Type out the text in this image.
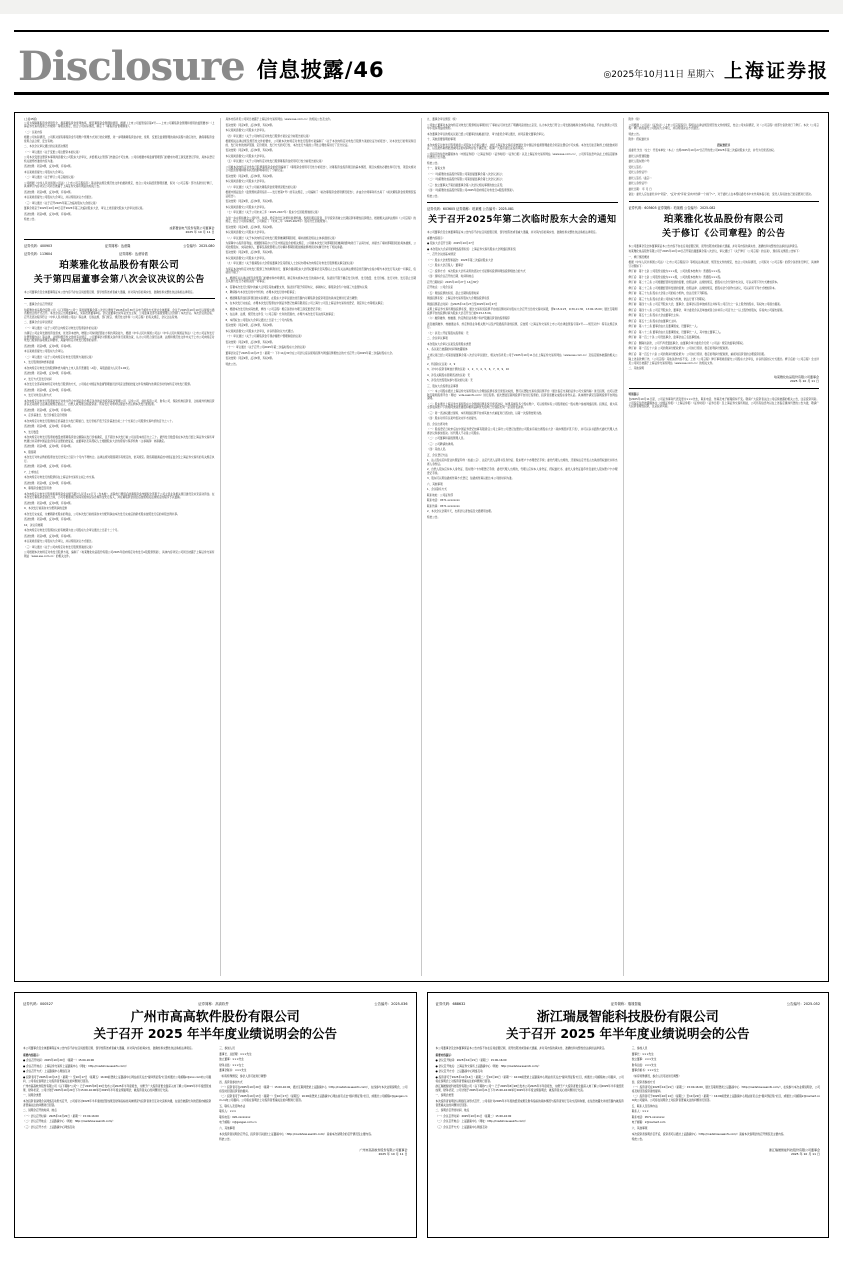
Disclosure 信息披露/46	◎2025年10月11日 星期六 上海证券报
(上接45版)

公司为保障募集资金使用安全，提高募集资金使用效率，规范募集资金管理和使用，根据《上市公司监管指引第2号——上市公司募集资金管理和使用的监管要求》《上海证券交易所股票上市规则》等相关规定，结合公司实际情况，制定了《募集资金管理制度》。

（二）议案内容

根据公司实际情况，公司拟对现有募集资金专项账户管理方式进行优化调整，进一步明确募集资金存放、使用、变更及监督管理的具体流程与责任划分，确保募集资金使用合法合规、安全有效。

二、本次会议审议通过的议案表决情况

（一）审议通过《关于变更公司注册资本的议案》

公司本次变更注册资本事项尚需提交公司股东大会审议，并经相关主管部门核准后方可生效。公司将根据市场监督管理部门的要求办理工商变更登记手续，具体以登记机关最终核准的内容为准。

表决结果：同意9票，反对0票，弃权0票。

本议案尚需提交公司股东大会审议。

（二）审议通过《关于修订公司章程的议案》

公司根据《中华人民共和国公司法》《上市公司章程指引》等法律法规及规范性文件的最新规定，结合公司实际经营管理需要，拟对《公司章程》部分条款进行修订，具体修订内容详见公司同日披露于上海证券交易所网站的相关公告。

表决结果：同意9票，反对0票，弃权0票。

本议案尚需提交公司股东大会审议，并以特别决议方式通过。

（三）审议通过《关于召开2025年第三次临时股东大会的议案》

董事会同意于2025年10月28日召开2025年第三次临时股东大会，审议上述需提交股东大会审议的议案。

表决结果：同意9票，反对0票，弃权0票。

特此公告。

成都置信电气股份有限公司董事会
2025 年 10 月 11 日
证券代码：400903	证券简称：达意隆	公告编号：2025-080
证券代码：113604	证券简称：达意转债
珀莱雅化妆品股份有限公司
关于第四届董事会第八次会议决议的公告
本公司董事会及全体董事保证本公告内容不存在任何虚假记载、误导性陈述或者重大遗漏，并对其内容的真实性、准确性和完整性依法承担法律责任。

一、董事会会议召开情况

珀莱雅化妆品股份有限公司（以下简称"公司"）第四届董事会第八次会议通知于2025年9月30日以电子邮件方式送达全体董事，会议于2025年10月10日以现场与通讯相结合的方式召开。本次会议应出席董事9名，实际出席董事9名。会议由董事长侯军呈先生主持，公司监事及部分高级管理人员列席了本次会议。本次会议的召集、召开及表决程序符合《中华人民共和国公司法》等法律、行政法规、部门规章、规范性文件和《公司章程》的有关规定，会议合法有效。

二、董事会会议审议情况

（一）审议通过《关于公司符合向特定对象发行股票条件的议案》

为满足公司业务发展的资金需求，优化资本结构，增强公司持续经营能力和抗风险能力，根据《中华人民共和国公司法》《中华人民共和国证券法》《上市公司证券发行注册管理办法》等法律、法规和规范性文件的有关规定，公司董事会对照相关条件进行逐项自查，认为公司符合现行法律、法规和规范性文件中关于上市公司向特定对象发行股票的各项规定和要求，具备向特定对象发行股票的条件。

表决结果：同意9票，反对0票，弃权0票。

本议案尚需提交公司股东大会审议。

（二）审议通过《关于公司向特定对象发行股票方案的议案》

1、发行股票的种类和面值

本次向特定对象发行的股票种类为境内上市人民币普通股（A股），每股面值为人民币1.00元。

表决结果：同意9票，反对0票，弃权0票。

2、发行方式及发行时间

本次发行全部采取向特定对象发行股票的方式，公司将在中国证券监督管理委员会同意注册的批复文件有效期内选择适当时机向特定对象发行股票。

表决结果：同意9票，反对0票，弃权0票。

3、发行对象及认购方式

本次向特定对象发行股票的发行对象为符合中国证监会规定条件的证券投资基金管理公司、证券公司、信托投资公司、财务公司、保险机构投资者、合格境外机构投资者以及其他符合法律法规规定的法人、自然人或其他合格投资者。所有发行对象均以现金方式认购本次发行的股票。

表决结果：同意9票，反对0票，弃权0票。

4、定价基准日、发行价格及定价原则

本次向特定对象发行股票的定价基准日为发行期首日，发行价格不低于定价基准日前二十个交易日公司股票交易均价的百分之八十。

表决结果：同意9票，反对0票，弃权0票。

5、发行数量

本次向特定对象发行股票的数量按照募集资金总额除以发行价格确定，且不超过本次发行前公司总股本的百分之三十。最终发行数量将在本次发行经上海证券交易所审核通过并获得中国证监会同意注册的批复后，由董事会及其授权人士根据股东大会的授权与保荐机构（主承销商）协商确定。

表决结果：同意9票，反对0票，弃权0票。

6、限售期

本次发行对象认购的股票自发行结束之日起六个月内不得转让。法律法规对限售期另有规定的，依其规定。限售期届满后按中国证监会及上海证券交易所的有关规定执行。

表决结果：同意9票，反对0票，弃权0票。

7、上市地点

本次向特定对象发行的股票将在上海证券交易所主板上市交易。

表决结果：同意9票，反对0票，弃权0票。

8、募集资金数量及用途

本次向特定对象发行股票拟募集资金总额不超过人民币××万元（含本数），扣除发行费用后的募集资金净额拟全部用于公司主营业务相关项目建设及补充流动资金。在本次发行募集资金到位之前，公司可根据项目实际进度情况以自筹资金先行投入，并在募集资金到位后按照相关法规规定的程序予以置换。

表决结果：同意9票，反对0票，弃权0票。

9、本次发行前滚存未分配利润的安排

本次发行完成后，为兼顾新老股东的利益，公司本次发行前的滚存未分配利润由本次发行完成后的新老股东按照发行后的持股比例共享。

表决结果：同意9票，反对0票，弃权0票。

10、决议有效期

本次向特定对象发行股票决议的有效期为自公司股东大会审议通过之日起十二个月。

表决结果：同意9票，反对0票，弃权0票。

本议案尚需提交公司股东大会审议，并以特别决议方式通过。

（三）审议通过《关于公司向特定对象发行股票预案的议案》

公司根据本次向特定对象发行股票方案，编制了《珀莱雅化妆品股份有限公司2025年度向特定对象发行A股股票预案》，具体内容详见公司同日披露于上海证券交易所网站（www.sse.com.cn）的相关文件。

具体内容详见公司同日披露于上海证券交易所网站（www.sse.com.cn）的相关公告及文件。

表决结果：同意9票，反对0票，弃权0票。

本议案尚需提交公司股东大会审议。

（四）审议通过《关于公司向特定对象发行股票方案论证分析报告的议案》

根据相关法律法规及规范性文件的要求，公司就本次向特定对象发行股票方案编制了《关于本次向特定对象发行股票方案的论证分析报告》，对本次发行的背景和目的、发行对象的选择范围、定价原则、发行方式的可行性、本次发行方案的公平性合理性等进行了充分论证。

表决结果：同意9票，反对0票，弃权0票。

本议案尚需提交公司股东大会审议。

（五）审议通过《关于公司向特定对象发行股票募集资金使用可行性分析报告的议案》

公司就本次向特定对象发行股票募集资金的使用编制了《募集资金使用可行性分析报告》，对募集资金投资项目的基本情况、项目实施的必要性和可行性、项目实施对公司经营管理和财务状况的影响等进行了分析论证。

表决结果：同意9票，反对0票，弃权0票。

本议案尚需提交公司股东大会审议。

（六）审议通过《关于公司前次募集资金使用情况报告的议案》

根据中国证监会《监管规则适用指引——发行类第7号》的有关规定，公司编制了《前次募集资金使用情况报告》，并由会计师事务所出具了《前次募集资金使用情况鉴证报告》。

表决结果：同意9票，反对0票，弃权0票。

本议案尚需提交公司股东大会审议。

（七）审议通过《关于公司未来三年（2025-2027年）股东分红回报规划的议案》

为进一步完善和健全公司科学、持续、稳定的分红决策和监督机制，积极回报投资者，引导投资者树立长期投资和理性投资理念，根据相关法律法规和《公司章程》的规定，结合公司实际情况，公司制定了《未来三年（2025-2027年）股东分红回报规划》。

表决结果：同意9票，反对0票，弃权0票。

本议案尚需提交公司股东大会审议。

（八）审议通过《关于本次向特定对象发行股票摊薄即期回报、填补措施及相关主体承诺的议案》

为保障中小投资者利益，根据国务院办公厅及中国证监会的相关规定，公司就本次发行对即期回报摊薄的影响进行了认真分析，并提出了填补即期回报的具体措施，公司控股股东、实际控制人、董事及高级管理人员对填补即期回报措施能够得到切实履行作出了相关承诺。

表决结果：同意9票，反对0票，弃权0票。

本议案尚需提交公司股东大会审议。

（九）审议通过《关于提请股东大会授权董事会及其授权人士全权办理本次向特定对象发行股票相关事宜的议案》

为保证本次向特定对象发行股票工作的顺利进行，董事会提请股东大会授权董事会及其授权人士在有关法律法规规定的范围内全权办理与本次发行有关的一切事宜，包括但不限于：

1、根据有关法律法规及监管部门的要求和市场情况，制定和实施本次发行的具体方案，包括但不限于确定发行时机、发行数量、发行价格、发行对象、发行起止日期及其他与发行方案相关的一切事宜；

2、签署本次发行过程中的重大合同及其他重要文件，包括但不限于保荐协议、承销协议、募集资金专户存储三方监管协议等；

3、聘请参与本次发行的中介机构，办理本次发行的申报事宜；

4、根据募集资金投资项目的实际情况，在股东大会审议通过的范围内对募集资金投资项目的具体安排进行适当调整；

5、在本次发行完成后，办理本次发行股票在中国证券登记结算有限责任公司上海分公司及上海证券交易所的登记、锁定和上市等相关事宜；

6、根据本次发行的实际结果，修改《公司章程》相应条款并办理工商变更登记手续；

7、在法律、法规、规范性文件及《公司章程》允许的范围内，办理与本次发行有关的其他事宜；

8、本授权自公司股东大会审议通过之日起十二个月内有效。

表决结果：同意9票，反对0票，弃权0票。

本议案尚需提交公司股东大会审议，并以特别决议方式通过。

（十）审议通过《关于公司募集资金专项存储账户管理制度的议案》

表决结果：同意9票，反对0票，弃权0票。

（十一）审议通过《关于召开公司2025年第二次临时股东大会的议案》

董事会决定于2025年10月27日（星期一）下午14点30分在公司会议室以现场投票与网络投票相结合的方式召开公司2025年第二次临时股东大会。

表决结果：同意9票，反对0票，弃权0票。

特此公告。

九、董事会审议情况（续）

公司独立董事对本次向特定对象发行股票相关事项进行了事前认可并发表了明确同意的独立意见，认为本次发行符合公司发展战略和全体股东利益，不存在损害公司及中小股东利益的情形。

本次董事会审议的相关议案已经公司董事会战略委员会、审计委员会审议通过，并同意提交董事会审议。

十、其他需要说明的事项

本次向特定对象发行股票尚需公司股东大会审议通过，并经上海证券交易所审核通过及中国证券监督管理委员会同意注册后方可实施。本次发行能否取得上述批准或同意，以及最终取得批准或同意的时间均存在不确定性，敬请广大投资者注意投资风险。

公司指定的信息披露媒体为《中国证券报》《上海证券报》《证券时报》《证券日报》以及上海证券交易所网站（www.sse.com.cn），公司所有信息均以在上述指定媒体刊登的公告为准。

特此公告。

十一、备查文件

（一）《珀莱雅化妆品股份有限公司第四届董事会第八次会议决议》；

（二）《珀莱雅化妆品股份有限公司第四届监事会第七次会议决议》；

（三）独立董事关于第四届董事会第八次会议相关事项的独立意见；

（四）《珀莱雅化妆品股份有限公司2025年度向特定对象发行A股股票预案》。

特此公告。

证券代码：603605 证券简称：珀莱雅 公告编号：2025-081
关于召开2025年第二次临时股东大会的通知

本公司董事会及全体董事保证本公告内容不存在任何虚假记载、误导性陈述或者重大遗漏，并对其内容的真实性、准确性和完整性依法承担法律责任。

重要内容提示：

● 股东大会召开日期：2025年10月27日

● 本次股东大会采用的网络投票系统：上海证券交易所股东大会网络投票系统

一、召开会议的基本情况

（一）股东大会类型和届次：2025年第二次临时股东大会

（二）股东大会召集人：董事会

（三）投票方式：本次股东大会所采用的表决方式是现场投票和网络投票相结合的方式

（四）现场会议召开的日期、时间和地点

召开日期时间：2025年10月27日 14点30分

召开地点：公司会议室

（五）网络投票的系统、起止日期和投票时间

网络投票系统：上海证券交易所股东大会网络投票系统

网络投票起止时间：自2025年10月27日至2025年10月27日

采用上海证券交易所网络投票系统，通过交易系统投票平台的投票时间为股东大会召开当日的交易时间段，即9:15-9:25、9:30-11:30、13:00-15:00；通过互联网投票平台的投票时间为股东大会召开当日的9:15-15:00。

（六）融资融券、转融通、约定购回业务账户和沪股通投资者的投票程序

涉及融资融券、转融通业务、约定购回业务相关账户以及沪股通投资者的投票，应按照《上海证券交易所上市公司自律监管指引第1号——规范运作》等有关规定执行。

（七）涉及公开征集股东投票权：无

二、会议审议事项

本次股东大会审议议案及投票股东类型

1、各议案已披露的时间和披露媒体

上述议案已经公司第四届董事会第八次会议审议通过，相关内容详见公司于2025年10月11日在上海证券交易所网站（www.sse.com.cn）及指定媒体披露的相关公告。

2、特别决议议案：2、9

3、对中小投资者单独计票的议案：1、2、3、4、5、6、7、8、9、10

4、涉及关联股东回避表决的议案：无

5、涉及优先股股东参与表决的议案：无

三、股东大会投票注意事项

（一）本公司股东通过上海证券交易所股东大会网络投票系统行使表决权的，既可以登陆交易系统投票平台（通过指定交易的证券公司交易终端）进行投票，也可以登陆互联网投票平台（网址：vote.sseinfo.com）进行投票。首次登陆互联网投票平台进行投票的，投资者需要完成股东身份认证。具体操作请见互联网投票平台网站说明。

（二）股东通过上海证券交易所股东大会网络投票系统行使表决权，如果其拥有多个股东账户，可以使用持有公司股票的任一股东账户参加网络投票。投票后，视为其全部股东账户下的相同类别普通股和相同品种优先股均已分别投出同一意见的表决票。

（三）同一表决权通过现场、本所网络投票平台或其他方式重复进行表决的，以第一次投票结果为准。

（四）股东对所有议案均表决完毕才能提交。

四、会议出席对象

（一）股权登记日收市后在中国证券登记结算有限责任公司上海分公司登记在册的公司股东有权出席股东大会（具体情况详见下表），并可以以书面形式委托代理人出席会议和参加表决。该代理人不必是公司股东。

（二）公司董事和高级管理人员。

（三）公司聘请的律师。

（四）其他人员。

五、会议登记方法

1、法人股东应持营业执照复印件（加盖公章）、法定代表人证明书及身份证、股东账户卡办理登记手续；委托代理人出席的，还须持法定代表人出具的授权委托书和出席人身份证。

2、自然人股东应持本人身份证、股东账户卡办理登记手续；委托代理人出席的，代理人应持本人身份证、授权委托书、委托人身份证复印件及委托人股东账户卡办理登记手续。

3、股东可以用信函或传真方式登记，信函或传真以抵达本公司的时间为准。

六、其他事项

1、会议联系方式

联系地址：公司证券部

联系电话：0571-xxxxxxxx

联系传真：0571-xxxxxxxx

2、本次会议会期半天，出席会议者食宿及交通费用自理。

特此公告。

附件（续）

公司根据《公司法》《证券法》《上市公司章程指引》等相关法律法规及规范性文件的规定，结合公司实际情况，对《公司章程》的部分条款进行了修订。本次《公司章程》修订尚需提交公司股东大会审议，并以特别决议方式通过。

特此公告。

附件：授权委托书

授权委托书

兹委托 先生（女士）代表本单位（本人）出席2025年10月27日召开的贵公司2025年第二次临时股东大会，并代为行使表决权。

委托人持普通股数：

委托人股东账户号：

受托人签名：

受托人身份证号：

委托人签名（盖章）：

委托人身份证号：

委托日期： 年 月 日

备注：委托人应在委托书中"同意"、"反对"或"弃权"意向中选择一个并打"√"，对于委托人在本授权委托书中未作具体指示的，受托人有权按自己的意愿进行表决。

证券代码：603605 证券简称：珀莱雅 公告编号：2025-082
珀莱雅化妆品股份有限公司
关于修订《公司章程》的公告

本公司董事会及全体董事保证本公告内容不存在任何虚假记载、误导性陈述或者重大遗漏，并对其内容的真实性、准确性和完整性依法承担法律责任。

珀莱雅化妆品股份有限公司于2025年10月10日召开第四届董事会第八次会议，审议通过了《关于修订〈公司章程〉的议案》，现将有关情况公告如下：

一、修订情况概述

根据《中华人民共和国公司法》《上市公司章程指引》等相关法律法规、规范性文件的规定，结合公司实际情况，公司拟对《公司章程》的部分条款进行修订，具体修订对照如下：

修订前：第十七条 公司股份总数为×××股，公司的股本结构为：普通股×××股。

修订后：第十七条 公司股份总数为×××股，公司的股本结构为：普通股×××股。

修订前：第二十三条 公司根据经营和发展的需要，依照法律、法规的规定，经股东大会分别作出决议，可以采用下列方式增加资本。

修订后：第二十三条 公司根据经营和发展的需要，依照法律、法规的规定，经股东会分别作出决议，可以采用下列方式增加资本。

修订前：第三十九条 股东大会是公司的权力机构，依法行使下列职权。

修订后：第三十九条 股东会是公司的权力机构，依法行使下列职权。

修订前：第四十八条 公司召开股东大会，董事会、监事会以及单独或者合并持有公司百分之一以上股份的股东，有权向公司提出提案。

修订后：第四十八条 公司召开股东会，董事会、审计委员会以及单独或者合并持有公司百分之一以上股份的股东，有权向公司提出提案。

修订前：第五十二条 股东大会由董事长主持。

修订后：第五十二条 股东会由董事长主持。

修订前：第八十二条 董事会由九名董事组成，设董事长一人。

修订后：第八十二条 董事会由九名董事组成，设董事长一人，其中独立董事三人。

修订前：第一百二十条 公司设监事会，监事会由三名监事组成。

修订后：删除该条款，公司不再设置监事会，由董事会审计委员会行使《公司法》规定的监事会职权。

修订前：第一百五十六条 公司的利润分配政策为：公司实行连续、稳定的利润分配政策。

修订后：第一百五十六条 公司的利润分配政策为：公司实行连续、稳定的利润分配政策，重视对投资者的合理投资回报。

除上述条款修订外，《公司章程》其他条款内容不变。上述《公司章程》修订事项尚需提交公司股东大会审议，并以特别决议方式通过。修订后的《公司章程》全文详见公司同日披露于上海证券交易所网站（www.sse.com.cn）的相关文件。

二、其他说明

珀莱雅化妆品股份有限公司董事会
2025 年 10 月 11 日

特别提示

自2025年10月11日起，公司证券事务代表变更为×××先生，联系电话、传真及电子邮箱保持不变。敬请广大投资者关注公司后续披露的相关公告，注意投资风险。公司指定信息披露媒体为《中国证券报》《上海证券报》《证券时报》《证券日报》及上海证券交易所网站，公司所有信息均以在上述指定媒体刊登的公告为准，敬请广大投资者理性投资，注意投资风险。

证券代码：000527	证券简称：高高软件	公告编号：2025-036
广州市高高软件股份有限公司
关于召开 2025 年半年度业绩说明会的公告
本公司董事会及全体董事保证本公告内容不存在任何虚假记载、误导性陈述或者重大遗漏，并对其内容的真实性、准确性和完整性依法承担法律责任。

重要内容提示：

● 会议召开时间：2025年10月20日（星期一）15:00-16:00

● 会议召开地点：上海证券交易所上证路演中心（网址：http://roadshow.sseinfo.com/）

● 会议召开方式：上证路演中心网络互动

● 投资者可于2025年10月13日（星期一）至10月17日（星期五）16:00前登录上证路演中心网站首页点击"提问预征集"栏目或通过公司邮箱ir@xxx.com向公司提问，公司将在说明会上对投资者普遍关注的问题进行回答。

广州市高高软件股份有限公司（以下简称"公司"）已于2025年8月29日发布公司2025年半年度报告，为便于广大投资者更全面深入地了解公司2025年半年度经营成果、财务状况，公司计划于2025年10月20日下午15:00-16:00举行2025年半年度业绩说明会，就投资者关心的问题进行交流。

一、说明会类型

本次投资者说明会以网络互动形式召开，公司将针对2025年半年度的经营成果及财务指标的具体情况与投资者进行互动交流和沟通，在信息披露允许的范围内就投资者普遍关注的问题进行回答。

二、说明会召开的时间、地点

（一）会议召开时间：2025年10月20日（星期一）15:00-16:00

（二）会议召开地点：上证路演中心（网址：http://roadshow.sseinfo.com/）

（三）会议召开方式：上证路演中心网络互动

三、参加人员

董事长、总经理：×××先生

独立董事：×××先生

财务总监：×××女士

董事会秘书：×××先生

（如有特殊情况，参会人员可能进行调整）

四、投资者参加方式

（一）投资者可在2025年10月20日（星期一）15:00-16:00，通过互联网登录上证路演中心（http://roadshow.sseinfo.com/），在线参与本次业绩说明会，公司将及时回答投资者的提问。

（二）投资者可于2025年10月13日（星期一）至10月17日（星期五）16:00前登录上证路演中心网站首页点击"提问预征集"栏目，或通过公司邮箱ir@gaogao.com.cn向公司提问。公司将在说明会上对投资者普遍关注的问题进行回答。

五、联系人及咨询办法

联系人：×××

联系电话：020-xxxxxxxx

电子邮箱：ir@gaogao.com.cn

六、其他事项

本次投资者说明会召开后，投资者可以通过上证路演中心（http://roadshow.sseinfo.com/）查看本次说明会的召开情况及主要内容。

特此公告。

广州市高高软件股份有限公司董事会
2025 年 10 月 11 日
证券代码：688632	证券简称：瑞晟智能	公告编号：2025-052
浙江瑞晟智能科技股份有限公司
关于召开 2025 年半年度业绩说明会的公告
本公司董事会及全体董事保证本公告内容不存在任何虚假记载、误导性陈述或者重大遗漏，并对其内容的真实性、准确性和完整性依法承担法律责任。

重要内容提示：

● 会议召开时间：2025年10月21日（星期二）15:00-16:00

● 会议召开地点：上海证券交易所上证路演中心（网址：http://roadshow.sseinfo.com/）

● 会议召开方式：上证路演中心网络互动

● 投资者可于2025年10月14日（星期二）至10月20日（星期一）16:00前登录上证路演中心网站首页点击"提问预征集"栏目，或通过公司邮箱向公司提问，公司将在说明会上对投资者普遍关注的问题进行回答。

浙江瑞晟智能科技股份有限公司（以下简称"公司"）已于2025年8月28日发布公司2025年半年度报告，为便于广大投资者更全面深入地了解公司2025年半年度经营成果、财务状况，公司计划于2025年10月21日下午15:00-16:00举行2025年半年度业绩说明会，就投资者关心的问题进行交流。

一、说明会类型

本次投资者说明会以网络互动形式召开，公司将针对2025年半年度的经营成果及财务指标的具体情况与投资者进行互动交流和沟通，在信息披露允许的范围内就投资者普遍关注的问题进行回答。

二、说明会召开的时间、地点

（一）会议召开时间：2025年10月21日（星期二）15:00-16:00

（二）会议召开地点：上证路演中心（网址：http://roadshow.sseinfo.com/）

（三）会议召开方式：上证路演中心网络互动

三、参加人员

董事长：×××先生

独立董事：×××先生

财务总监：×××先生

董事会秘书：×××女士

（如有特殊情况，参会人员可能进行调整）

四、投资者参加方式

（一）投资者可在2025年10月21日（星期二）15:00-16:00，通过互联网登录上证路演中心（http://roadshow.sseinfo.com/），在线参与本次业绩说明会，公司将及时回答投资者的提问。

（二）投资者可于2025年10月14日（星期二）至10月20日（星期一）16:00前登录上证路演中心网站首页点击"提问预征集"栏目，或通过公司邮箱ir@rssmart.com向公司提问。公司将在说明会上对投资者普遍关注的问题进行回答。

五、联系人及咨询办法

联系人：×××

联系电话：0571-xxxxxxxx

电子邮箱：ir@rssmart.com

六、其他事项

本次投资者说明会召开后，投资者可以通过上证路演中心（http://roadshow.sseinfo.com/）查看本次说明会的召开情况及主要内容。

特此公告。

浙江瑞晟智能科技股份有限公司董事会
2025 年 10 月 11 日
